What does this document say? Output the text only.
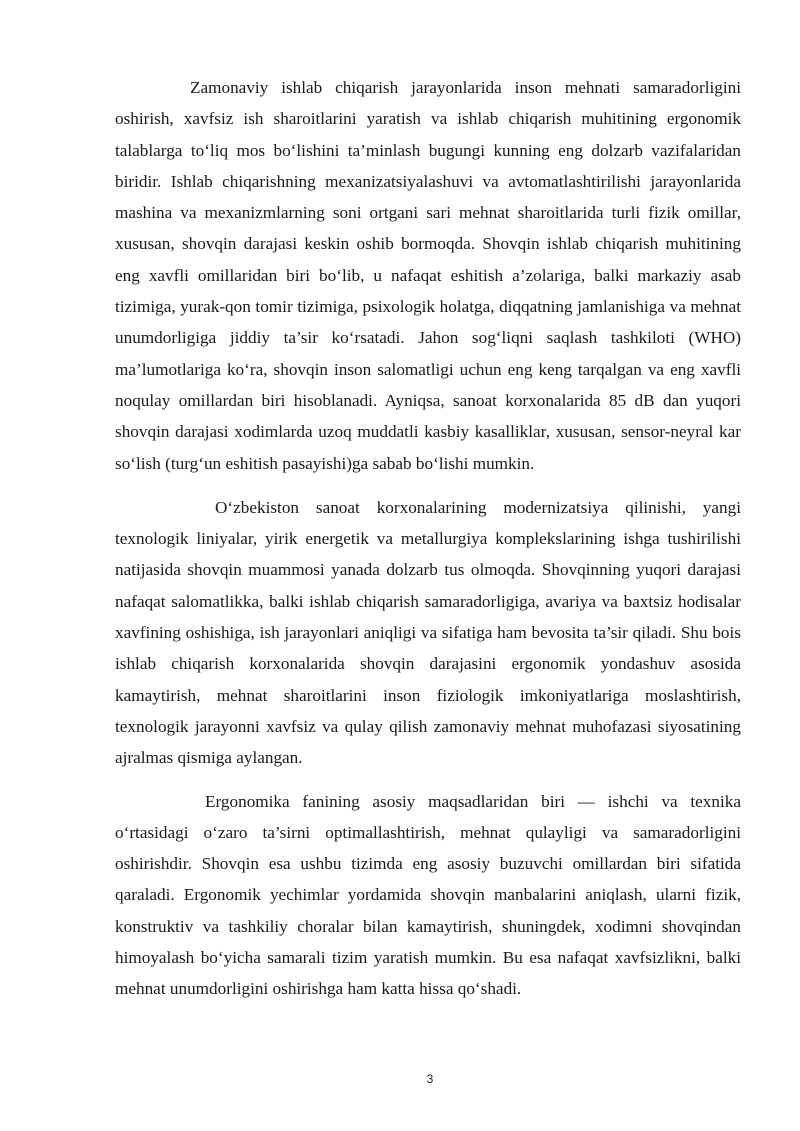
Zamonaviy ishlab chiqarish jarayonlarida inson mehnati samaradorligini oshirish, xavfsiz ish sharoitlarini yaratish va ishlab chiqarish muhitining ergonomik talablarga to‘liq mos bo‘lishini ta’minlash bugungi kunning eng dolzarb vazifalaridan biridir. Ishlab chiqarishning mexanizatsiyalashuvi va avtomatlashtirilishi jarayonlarida mashina va mexanizmlarning soni ortgani sari mehnat sharoitlarida turli fizik omillar, xususan, shovqin darajasi keskin oshib bormoqda. Shovqin ishlab chiqarish muhitining eng xavfli omillaridan biri bo‘lib, u nafaqat eshitish a’zolariga, balki markaziy asab tizimiga, yurak-qon tomir tizimiga, psixologik holatga, diqqatning jamlanishiga va mehnat unumdorligiga jiddiy ta’sir ko‘rsatadi. Jahon sog‘liqni saqlash tashkiloti (WHO) ma’lumotlariga ko‘ra, shovqin inson salomatligi uchun eng keng tarqalgan va eng xavfli noqulay omillardan biri hisoblanadi. Ayniqsa, sanoat korxonalarida 85 dB dan yuqori shovqin darajasi xodimlarda uzoq muddatli kasbiy kasalliklar, xususan, sensor-neyral kar so‘lish (turg‘un eshitish pasayishi)ga sabab bo‘lishi mumkin.

O‘zbekiston sanoat korxonalarining modernizatsiya qilinishi, yangi texnologik liniyalar, yirik energetik va metallurgiya komplekslarining ishga tushirilishi natijasida shovqin muammosi yanada dolzarb tus olmoqda. Shovqinning yuqori darajasi nafaqat salomatlikka, balki ishlab chiqarish samaradorligiga, avariya va baxtsiz hodisalar xavfining oshishiga, ish jarayonlari aniqligi va sifatiga ham bevosita ta’sir qiladi. Shu bois ishlab chiqarish korxonalarida shovqin darajasini ergonomik yondashuv asosida kamaytirish, mehnat sharoitlarini inson fiziologik imkoniyatlariga moslashtirish, texnologik jarayonni xavfsiz va qulay qilish zamonaviy mehnat muhofazasi siyosatining ajralmas qismiga aylangan.

Ergonomika fanining asosiy maqsadlaridan biri — ishchi va texnika o‘rtasidagi o‘zaro ta’sirni optimallashtirish, mehnat qulayligi va samaradorligini oshirishdir. Shovqin esa ushbu tizimda eng asosiy buzuvchi omillardan biri sifatida qaraladi. Ergonomik yechimlar yordamida shovqin manbalarini aniqlash, ularni fizik, konstruktiv va tashkiliy choralar bilan kamaytirish, shuningdek, xodimni shovqindan himoyalash bo‘yicha samarali tizim yaratish mumkin. Bu esa nafaqat xavfsizlikni, balki mehnat unumdorligini oshirishga ham katta hissa qo‘shadi.

3
